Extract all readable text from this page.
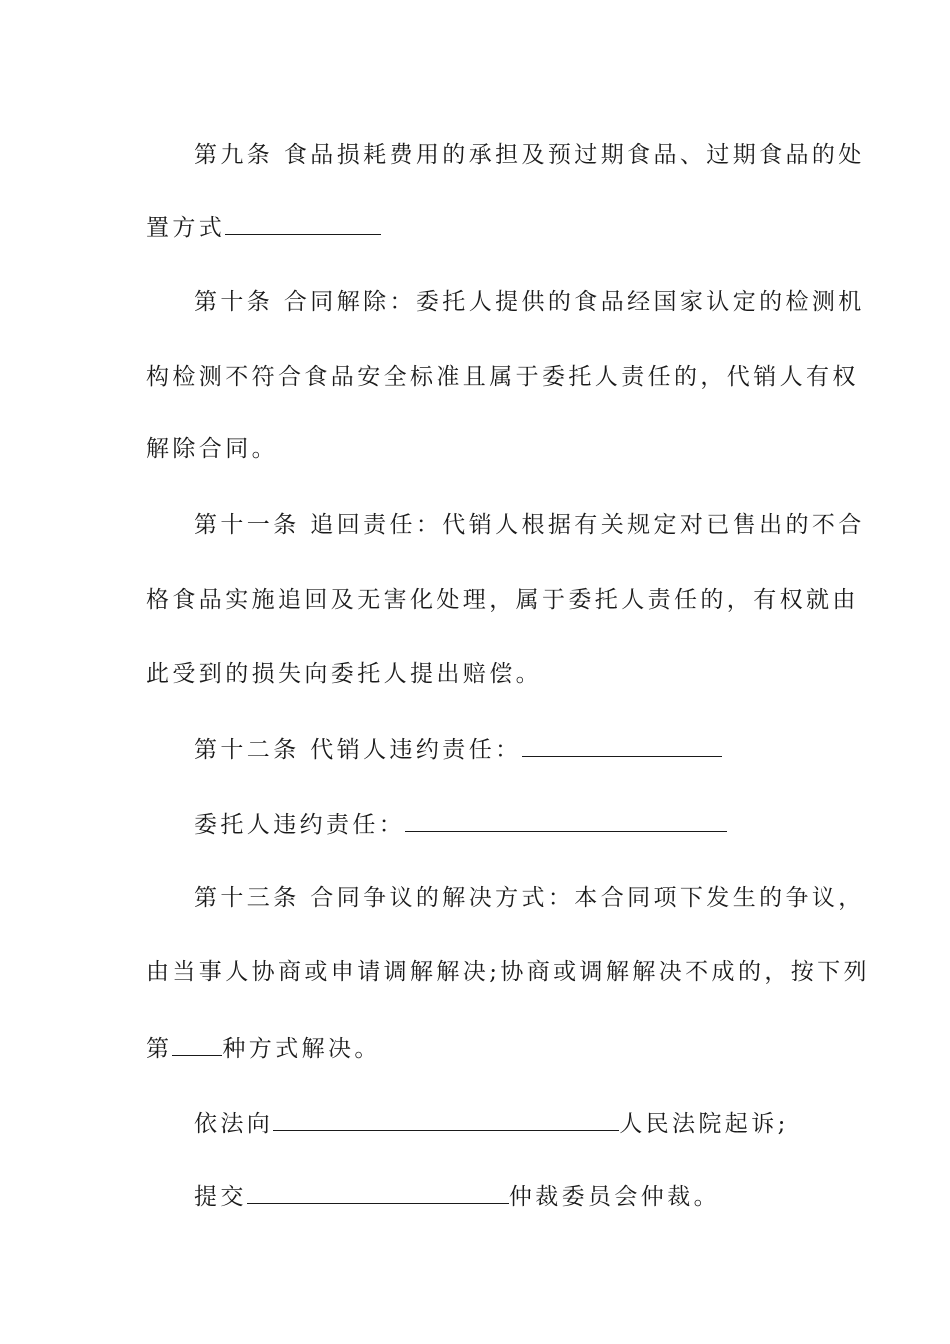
第九条 食品损耗费用的承担及预过期食品、过期食品的处
置方式
第十条 合同解除：委托人提供的食品经国家认定的检测机
构检测不符合食品安全标准且属于委托人责任的，代销人有权
解除合同。
第十一条 追回责任：代销人根据有关规定对已售出的不合
格食品实施追回及无害化处理，属于委托人责任的，有权就由
此受到的损失向委托人提出赔偿。
第十二条 代销人违约责任：
委托人违约责任：
第十三条 合同争议的解决方式：本合同项下发生的争议，
由当事人协商或申请调解解决;协商或调解解决不成的，按下列
第 种方式解决。
依法向	人民法院起诉;
提交	仲裁委员会仲裁。
